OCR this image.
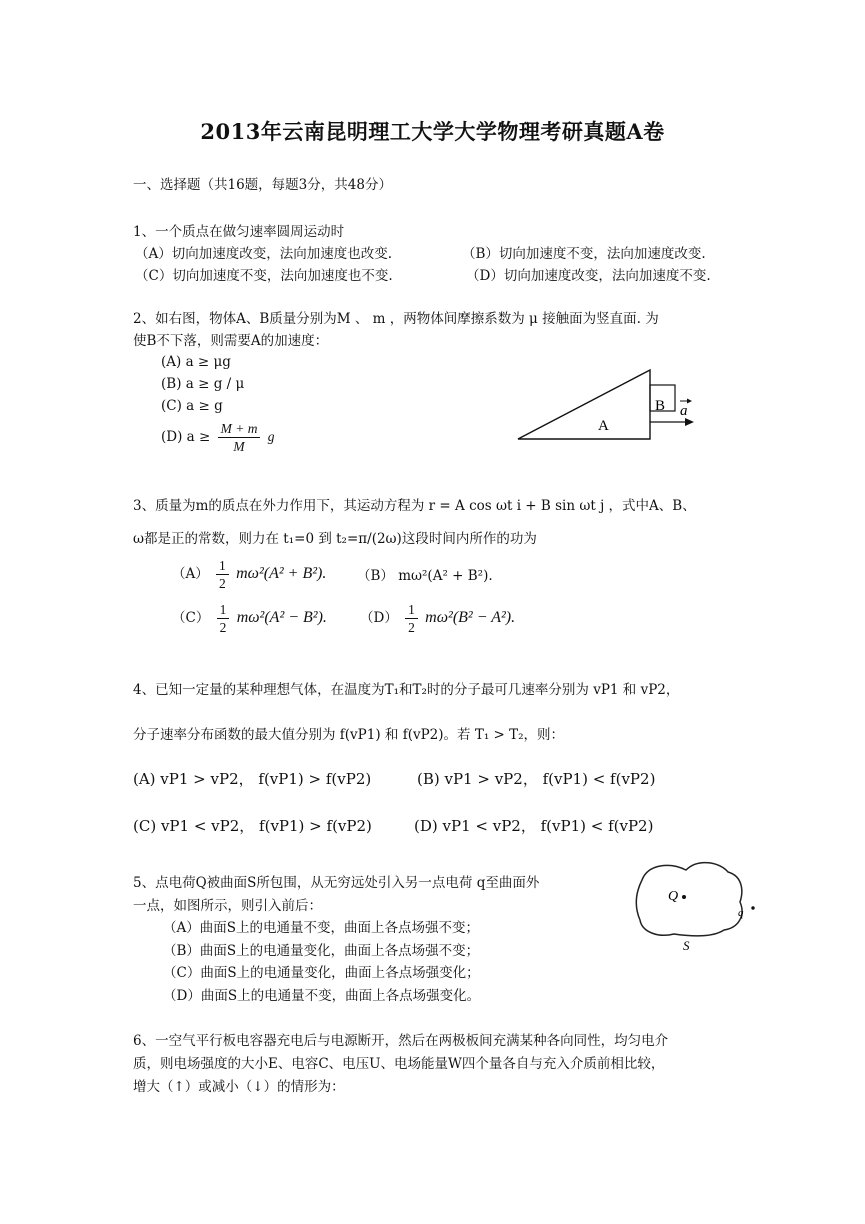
2013年云南昆明理工大学大学物理考研真题A卷
一、选择题（共16题，每题3分，共48分）
1、一个质点在做匀速率圆周运动时
（A）切向加速度改变，法向加速度也改变.	（B）切向加速度不变，法向加速度改变.
（C）切向加速度不变，法向加速度也不变.	（D）切向加速度改变，法向加速度不变.
2、如右图，物体A、B质量分别为M 、 m ，两物体间摩擦系数为 μ 接触面为竖直面. 为
使B不下落，则需要A的加速度：
(A) a ≥ μg
(B) a ≥ g / μ
(C) a ≥ g
(D) $a \ge \frac{M + m}{M}$ g
A
B a
3、质量为m的质点在外力作用下，其运动方程为 r = A cos ωt i + B sin ωt j ，式中A、B、
ω都是正的常数，则力在 t₁=0 到 t₂=π/(2ω)这段时间内所作的功为
$(A) \frac{1}{2} m\omega^2(A^2 + B^2)$. （B） mω²(A² + B²).
$(C) \frac{1}{2} m\omega^2(A^2 - B^2)$. $(D) \frac{1}{2} m\omega^2(B^2 - A^2)$.
4、已知一定量的某种理想气体，在温度为T₁和T₂时的分子最可几速率分别为 vP1 和 vP2，
分子速率分布函数的最大值分别为 f(vP1) 和 f(vP2)。若 T₁ > T₂，则：
(A) vP1 > vP2， f(vP1) > f(vP2)	(B) vP1 > vP2， f(vP1) < f(vP2)
(C) vP1 < vP2， f(vP1) > f(vP2)	(D) vP1 < vP2， f(vP1) < f(vP2)
5、点电荷Q被曲面S所包围，从无穷远处引入另一点电荷 q至曲面外
一点，如图所示，则引入前后：
（A）曲面S上的电通量不变，曲面上各点场强不变；
（B）曲面S上的电通量变化，曲面上各点场强不变；
（C）曲面S上的电通量变化，曲面上各点场强变化；
（D）曲面S上的电通量不变，曲面上各点场强变化。
Q
q
S
6、一空气平行板电容器充电后与电源断开，然后在两极板间充满某种各向同性，均匀电介
质，则电场强度的大小E、电容C、电压U、电场能量W四个量各自与充入介质前相比较，
增大（↑）或减小（↓）的情形为：
